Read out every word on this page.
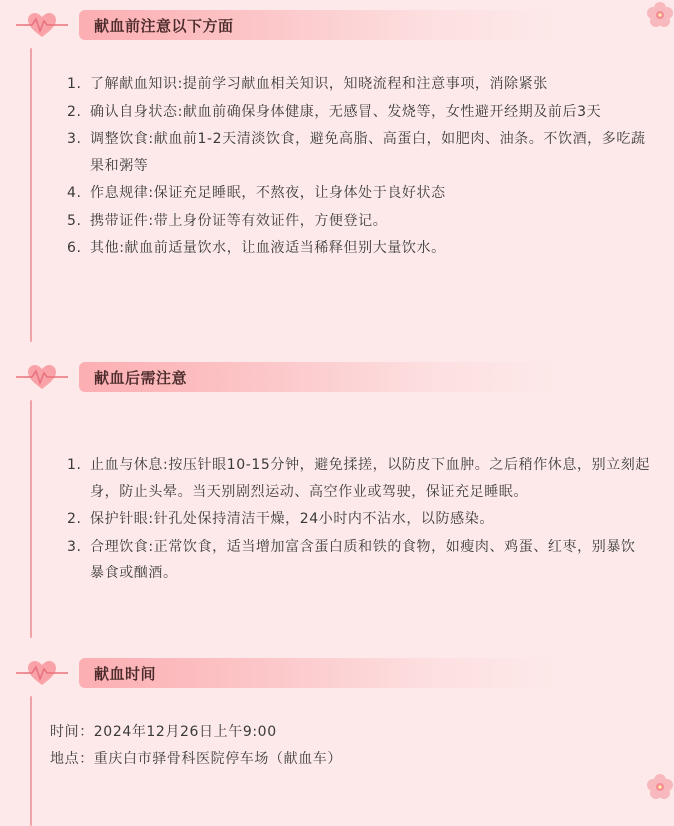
献血前注意以下方面
1. 了解献血知识:提前学习献血相关知识，知晓流程和注意事项，消除紧张
2. 确认自身状态:献血前确保身体健康，无感冒、发烧等，女性避开经期及前后3天
3. 调整饮食:献血前1-2天清淡饮食，避免高脂、高蛋白，如肥肉、油条。不饮酒，多吃蔬果和粥等
4. 作息规律:保证充足睡眠，不熬夜，让身体处于良好状态
5. 携带证件:带上身份证等有效证件，方便登记。
6. 其他:献血前适量饮水，让血液适当稀释但别大量饮水。
献血后需注意
1. 止血与休息:按压针眼10-15分钟，避免揉搓，以防皮下血肿。之后稍作休息，别立刻起身，防止头晕。当天别剧烈运动、高空作业或驾驶，保证充足睡眠。
2. 保护针眼:针孔处保持清洁干燥，24小时内不沾水，以防感染。
3. 合理饮食:正常饮食，适当增加富含蛋白质和铁的食物，如瘦肉、鸡蛋、红枣，别暴饮暴食或酗酒。
献血时间
时间：2024年12月26日上午9:00
地点：重庆白市驿骨科医院停车场（献血车）
